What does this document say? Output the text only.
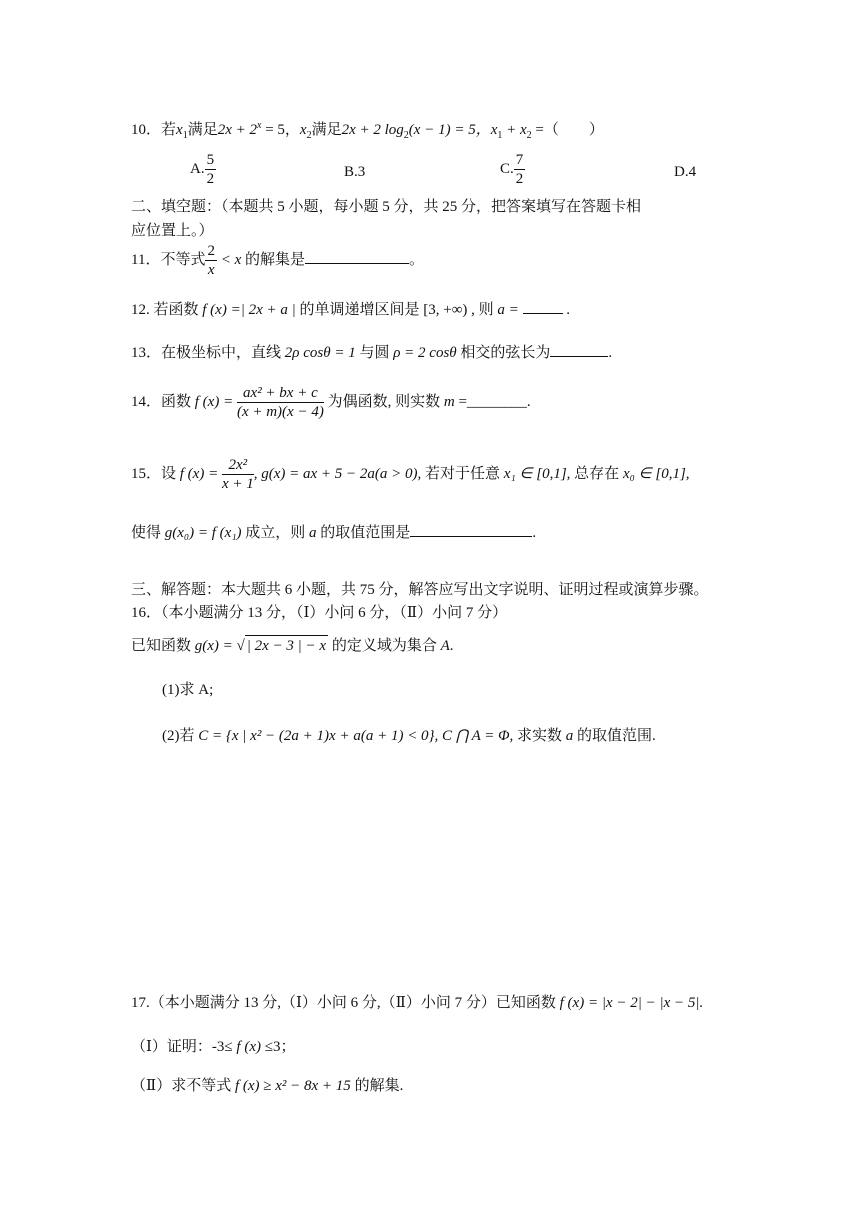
10．若$x_1$满足$2x + 2^x = 5$，$x_2$满足2x + 2 $\log_2(x - 1) = 5$，$x_1 + x_2$ =（　　）
A. $\frac{5}{2}$	B.3	C. $\frac{7}{2}$	D.4
二、填空题：（本题共 5 小题，每小题 5 分，共 25 分，把答案填写在答题卡相
应位置上。）
11．不等式 $\frac{2}{x} < x$ 的解集是	。
12. 若函数 f (x) =| 2x + a | 的单调递增区间是 [3, +∞) , 则 a =	.
13．在极坐标中，直线 2ρ cosθ = 1 与圆 ρ = 2 cosθ 相交的弦长为	.
14．函数 f $(x) = \frac{\text{ax² + bx + c}}{(x + m)(x - 4)}$ 为偶函数, 则实数 m =________.
15．设 f $(x) = \frac{\text{2x²}}{x + 1}$ , g(x) = ax + 5 − 2a(a > 0), 若对于任意 x₁ ∈ [0,1], 总存在 x₀ ∈ [0,1],
使得 g(x₀) = f (x₁) 成立，则 a 的取值范围是	.
三、解答题：本大题共 6 小题，共 75 分，解答应写出文字说明、证明过程或演算步骤。
16．（本小题满分 13 分，（Ⅰ）小问 6 分，（Ⅱ）小问 7 分）
已知函数 g(x) = √ | 2x − 3 | − x 的定义域为集合 A.
(1)求 A;
(2)若 C = {x | x² − (2a + 1)x + a(a + 1) < 0}, C ⋂ A = Φ, 求实数 a 的取值范围.
17.（本小题满分 13 分,（Ⅰ）小问 6 分,（Ⅱ）小问 7 分）已知函数 f (x) = |x − 2| − |x − 5|.
（Ⅰ）证明：-3≤ f (x) ≤3；
（Ⅱ）求不等式 f (x) ≥ x² − 8x + 15 的解集.
